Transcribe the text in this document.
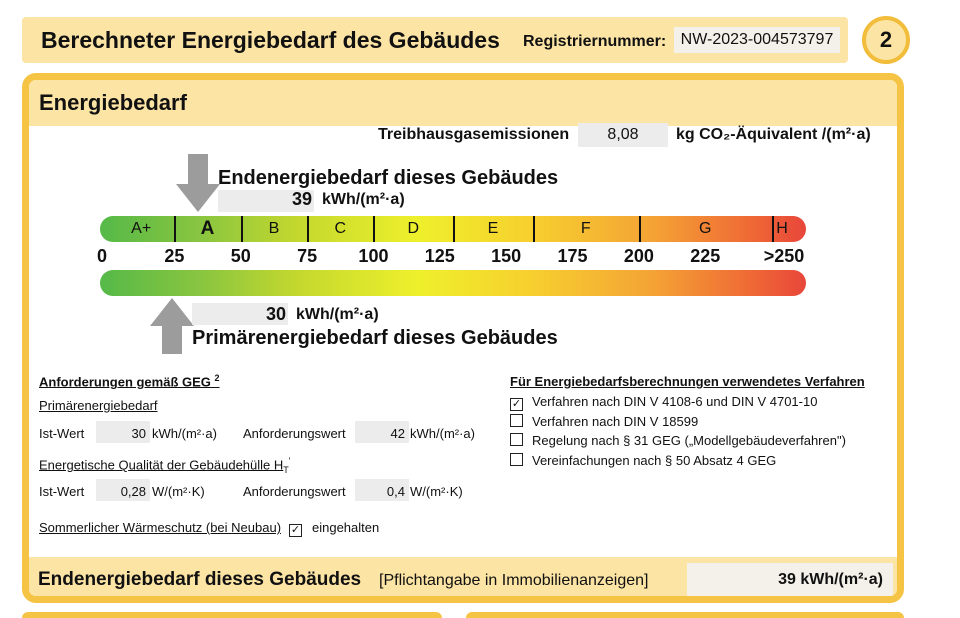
Berechneter Energiebedarf des Gebäudes Registriernummer: NW-2023-004573797	2
Energiebedarf
Endenergiebedarf dieses Gebäudes [Pflichtangabe in Immobilienanzeigen]	39 kWh/(m²·a)
Treibhausgasemissionen	8,08	kg CO₂-Äquivalent /(m²·a)
Endenergiebedarf dieses Gebäudes
39 kWh/(m²·a)
A+	A	B	C	D	E	F	G	H
0	25	50	75 100 125 150 175 200 225 >250
30 kWh/(m²·a)
Primärenergiebedarf dieses Gebäudes
Anforderungen gemäß GEG $^2$
Primärenergiebedarf
Ist-Wert	30 kWh/(m²·a) Anforderungswert	42 kWh/(m²·a)
Energetische Qualität der Gebäudehülle $H_T'$
Ist-Wert	0,28 W/(m²·K)	Anforderungswert	0,4 W/(m²·K)
Sommerlicher Wärmeschutz (bei Neubau) ✓ eingehalten
Für Energiebedarfsberechnungen verwendetes Verfahren
✓ Verfahren nach DIN V 4108-6 und DIN V 4701-10
Verfahren nach DIN V 18599
Regelung nach § 31 GEG („Modellgebäudeverfahren")
Vereinfachungen nach § 50 Absatz 4 GEG
